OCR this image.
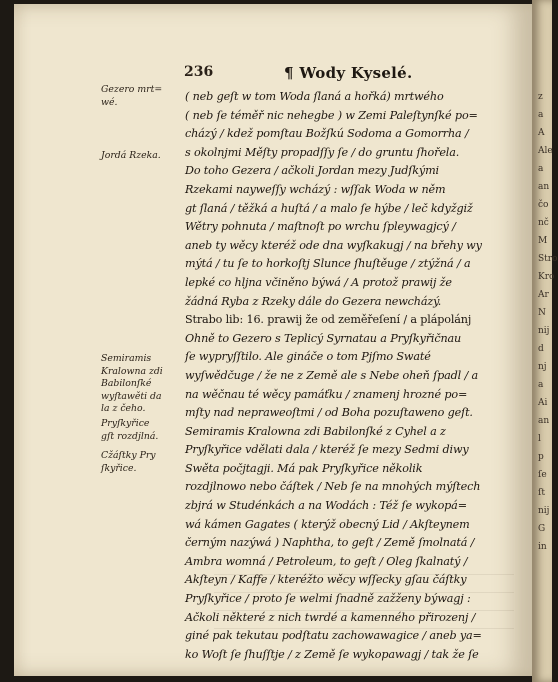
236	¶ Wody Kyselé.
Gezero mrt=
wé.
Jordá Rzeka.
Semiramis
Kralowna zdi
Babilonſké
wyſtawěti da
la z čeho.
Pryſkyřice
gſt rozdjlná.
Cžáſtky Pry
ſkyřice.
( neb geſt w tom Woda ſlaná a hořká) mrtwého
( neb ſe téměř nic nehegbe ) w Zemi Paleſtynſké po=
cházý / kdež pomſtau Božſkú Sodoma a Gomorrha /
s okolnjmi Měſty propadſſy ſe / do gruntu ſhořela.
Do toho Gezera / ačkoli Jordan mezy Judſkými
Rzekami nayweſſy wcházý : wſſak Woda w něm
gt ſlaná / těžká a huſtá / a malo ſe hýbe / leč kdyžgiž
Wětry pohnuta / maſtnoſt po wrchu ſpleywagjcý /
aneb ty wěcy kteréž ode dna wyſkakugj / na břehy wy
mýtá / tu ſe to horkoſtj Slunce ſhuſtěuge / ztýžná / a
lepké co hljna včiněno býwá / A protož prawij že
žádná Ryba z Rzeky dále do Gezera newcházý.
Strabo lib: 16. prawij že od zeměřeſení / a plápolánj
Ohně to Gezero s Teplicý Syrnatau a Pryſkyřičnau
ſe wypryſſtilo. Ale gináče o tom Pjſmo Swaté
wyſwědčuge / že ne z Země ale s Nebe oheň ſpadl / a
na wěčnau té wěcy pamáťku / znamenj hrozné po=
mſty nad nepraweoſtmi / od Boha pozuſtaweno geſt.
Semiramis Kralowna zdi Babilonſké z Cyhel a z
Pryſkyřice vdělati dala / kteréž ſe mezy Sedmi diwy
Swěta počjtagji. Má pak Pryſkyřice několik
rozdjlnowo nebo čáſtek / Neb ſe na mnohých mýſtech
zbjrá w Studénkách a na Wodách : Též ſe wykopá=
wá kámen Gagates ( kterýž obecný Lid / Akſteynem
černým nazýwá ) Naphtha, to geſt / Země ſmolnatá /
Ambra womná / Petroleum, to geſt / Oleg ſkalnatý /
Akſteyn / Kaffe / kteréžto wěcy wſſecky gſau čáſtky
Pryſkyřice / proto ſe welmi ſnadně zažženy býwagj :
Ačkoli některé z nich twrdé a kamenného přirozenj /
giné pak tekutau podſtatu zachowawagice / aneb ya=
ko Woſt ſe ſhuſſtje / z Země ſe wykopawagj / tak že ſe
z
a
A
Ale
a
an
čo
nč
M
Stro
Kro
Ar
N
nij
d
nj
a
Ai
an
l
p
ſe
ſt
nij
G
in
